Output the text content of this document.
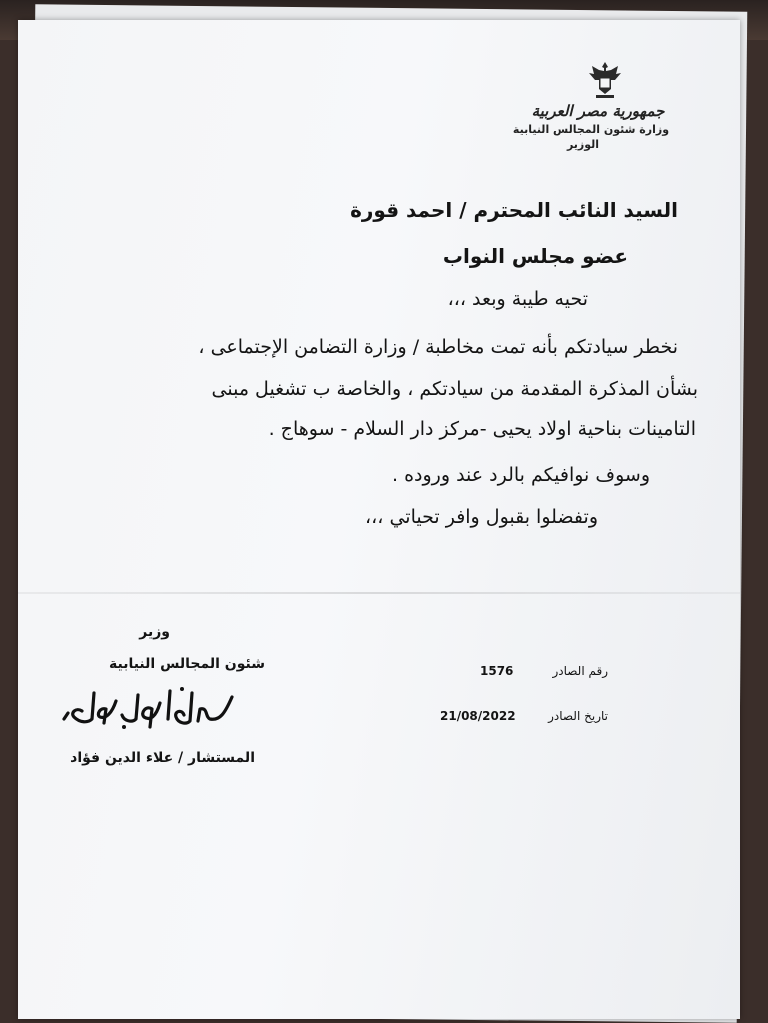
جمهورية مصر العربية
وزارة شئون المجالس النيابية
الوزير
السيد النائب المحترم / احمد قورة
عضو مجلس النواب
تحيه طيبة وبعد ،،،
نخطر سيادتكم بأنه تمت مخاطبة / وزارة التضامن الإجتماعى ،
بشأن المذكرة المقدمة من سيادتكم ، والخاصة ب تشغيل مبنى
التامينات بناحية اولاد يحيى -مركز دار السلام - سوهاج .
وسوف نوافيكم بالرد عند وروده .
وتفضلوا بقبول وافر تحياتي ،،،
وزير
شئون المجالس النيابية
المستشار / علاء الدين فؤاد
رقم الصادر
1576
تاريخ الصادر
21/08/2022
